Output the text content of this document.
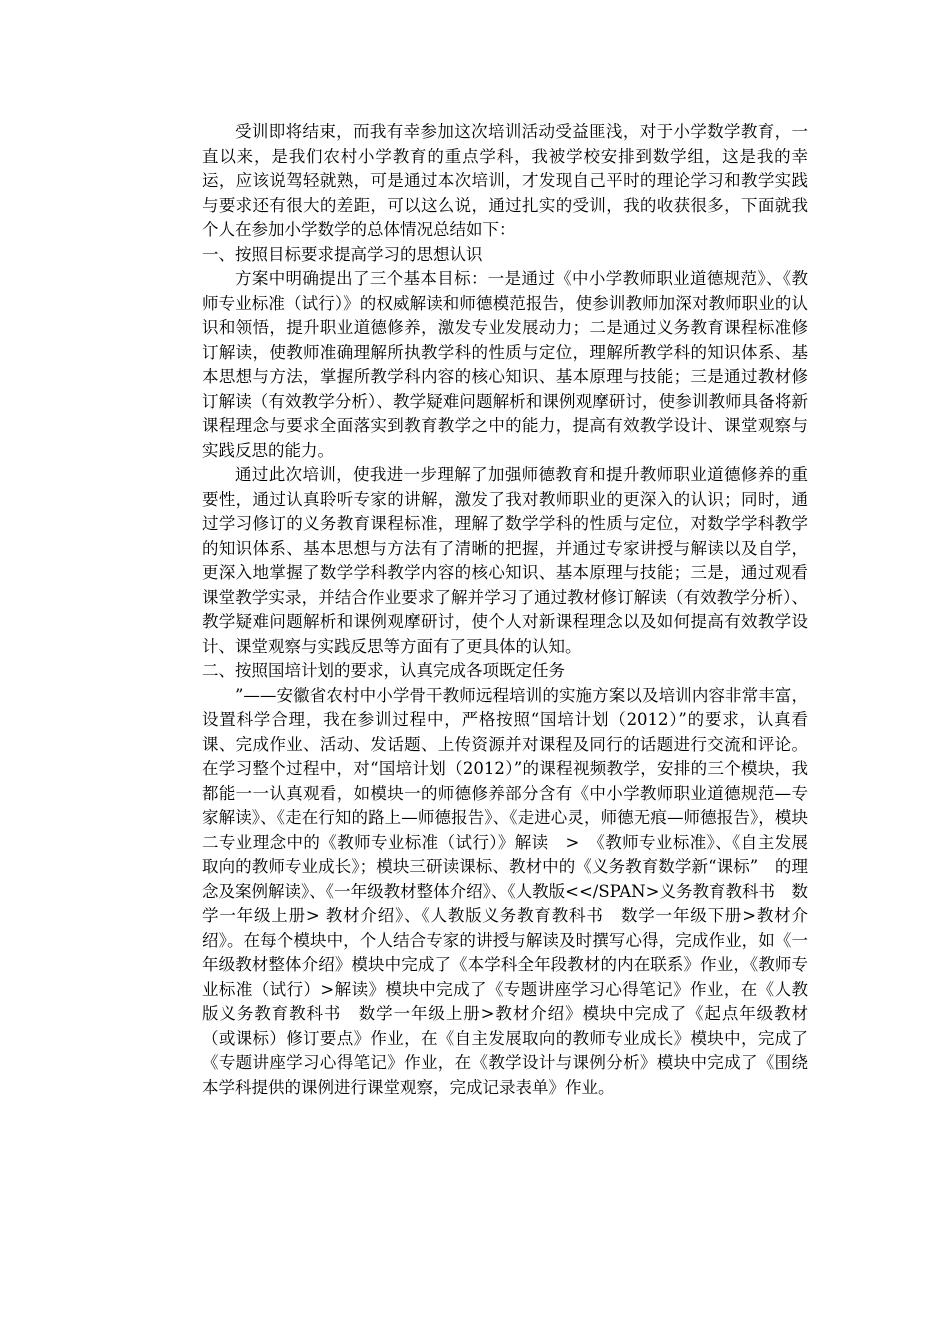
受训即将结束，而我有幸参加这次培训活动受益匪浅，对于小学数学教育，一直以来，是我们农村小学教育的重点学科，我被学校安排到数学组，这是我的幸运，应该说驾轻就熟，可是通过本次培训，才发现自己平时的理论学习和教学实践与要求还有很大的差距，可以这么说，通过扎实的受训，我的收获很多，下面就我个人在参加小学数学的总体情况总结如下：

一、按照目标要求提高学习的思想认识

方案中明确提出了三个基本目标：一是通过《中小学教师职业道德规范》、《教师专业标准（试行）》的权威解读和师德模范报告，使参训教师加深对教师职业的认识和领悟，提升职业道德修养，激发专业发展动力；二是通过义务教育课程标准修订解读，使教师准确理解所执教学科的性质与定位，理解所教学科的知识体系、基本思想与方法，掌握所教学科内容的核心知识、基本原理与技能；三是通过教材修订解读（有效教学分析）、教学疑难问题解析和课例观摩研讨，使参训教师具备将新课程理念与要求全面落实到教育教学之中的能力，提高有效教学设计、课堂观察与实践反思的能力。

通过此次培训，使我进一步理解了加强师德教育和提升教师职业道德修养的重要性，通过认真聆听专家的讲解，激发了我对教师职业的更深入的认识；同时，通过学习修订的义务教育课程标准，理解了数学学科的性质与定位，对数学学科教学的知识体系、基本思想与方法有了清晰的把握，并通过专家讲授与解读以及自学，更深入地掌握了数学学科教学内容的核心知识、基本原理与技能；三是，通过观看课堂教学实录，并结合作业要求了解并学习了通过教材修订解读（有效教学分析）、教学疑难问题解析和课例观摩研讨，使个人对新课程理念以及如何提高有效教学设计、课堂观察与实践反思等方面有了更具体的认知。

二、按照国培计划的要求，认真完成各项既定任务

”——安徽省农村中小学骨干教师远程培训的实施方案以及培训内容非常丰富，设置科学合理，我在参训过程中，严格按照“国培计划（2012）”的要求，认真看课、完成作业、活动、发话题、上传资源并对课程及同行的话题进行交流和评论。在学习整个过程中，对“国培计划（2012）”的课程视频教学，安排的三个模块，我都能一一认真观看，如模块一的师德修养部分含有《中小学教师职业道德规范—专家解读》、《走在行知的路上—师德报告》、《走进心灵，师德无痕—师德报告》，模块二专业理念中的《教师专业标准（试行）》解读　>　《教师专业标准》、《自主发展取向的教师专业成长》；模块三研读课标、教材中的《义务教育数学新“课标”　的理念及案例解读》、《一年级教材整体介绍》、《人教版<</SPAN>义务教育教科书　数学一年级上册> 教材介绍》、《人教版义务教育教科书　数学一年级下册>教材介绍》。在每个模块中，个人结合专家的讲授与解读及时撰写心得，完成作业，如《一年级教材整体介绍》模块中完成了《本学科全年段教材的内在联系》作业，《教师专业标准（试行）>解读》模块中完成了《专题讲座学习心得笔记》作业，在《人教版义务教育教科书　数学一年级上册>教材介绍》模块中完成了《起点年级教材（或课标）修订要点》作业，在《自主发展取向的教师专业成长》模块中，完成了《专题讲座学习心得笔记》作业，在《教学设计与课例分析》模块中完成了《围绕本学科提供的课例进行课堂观察，完成记录表单》作业。
